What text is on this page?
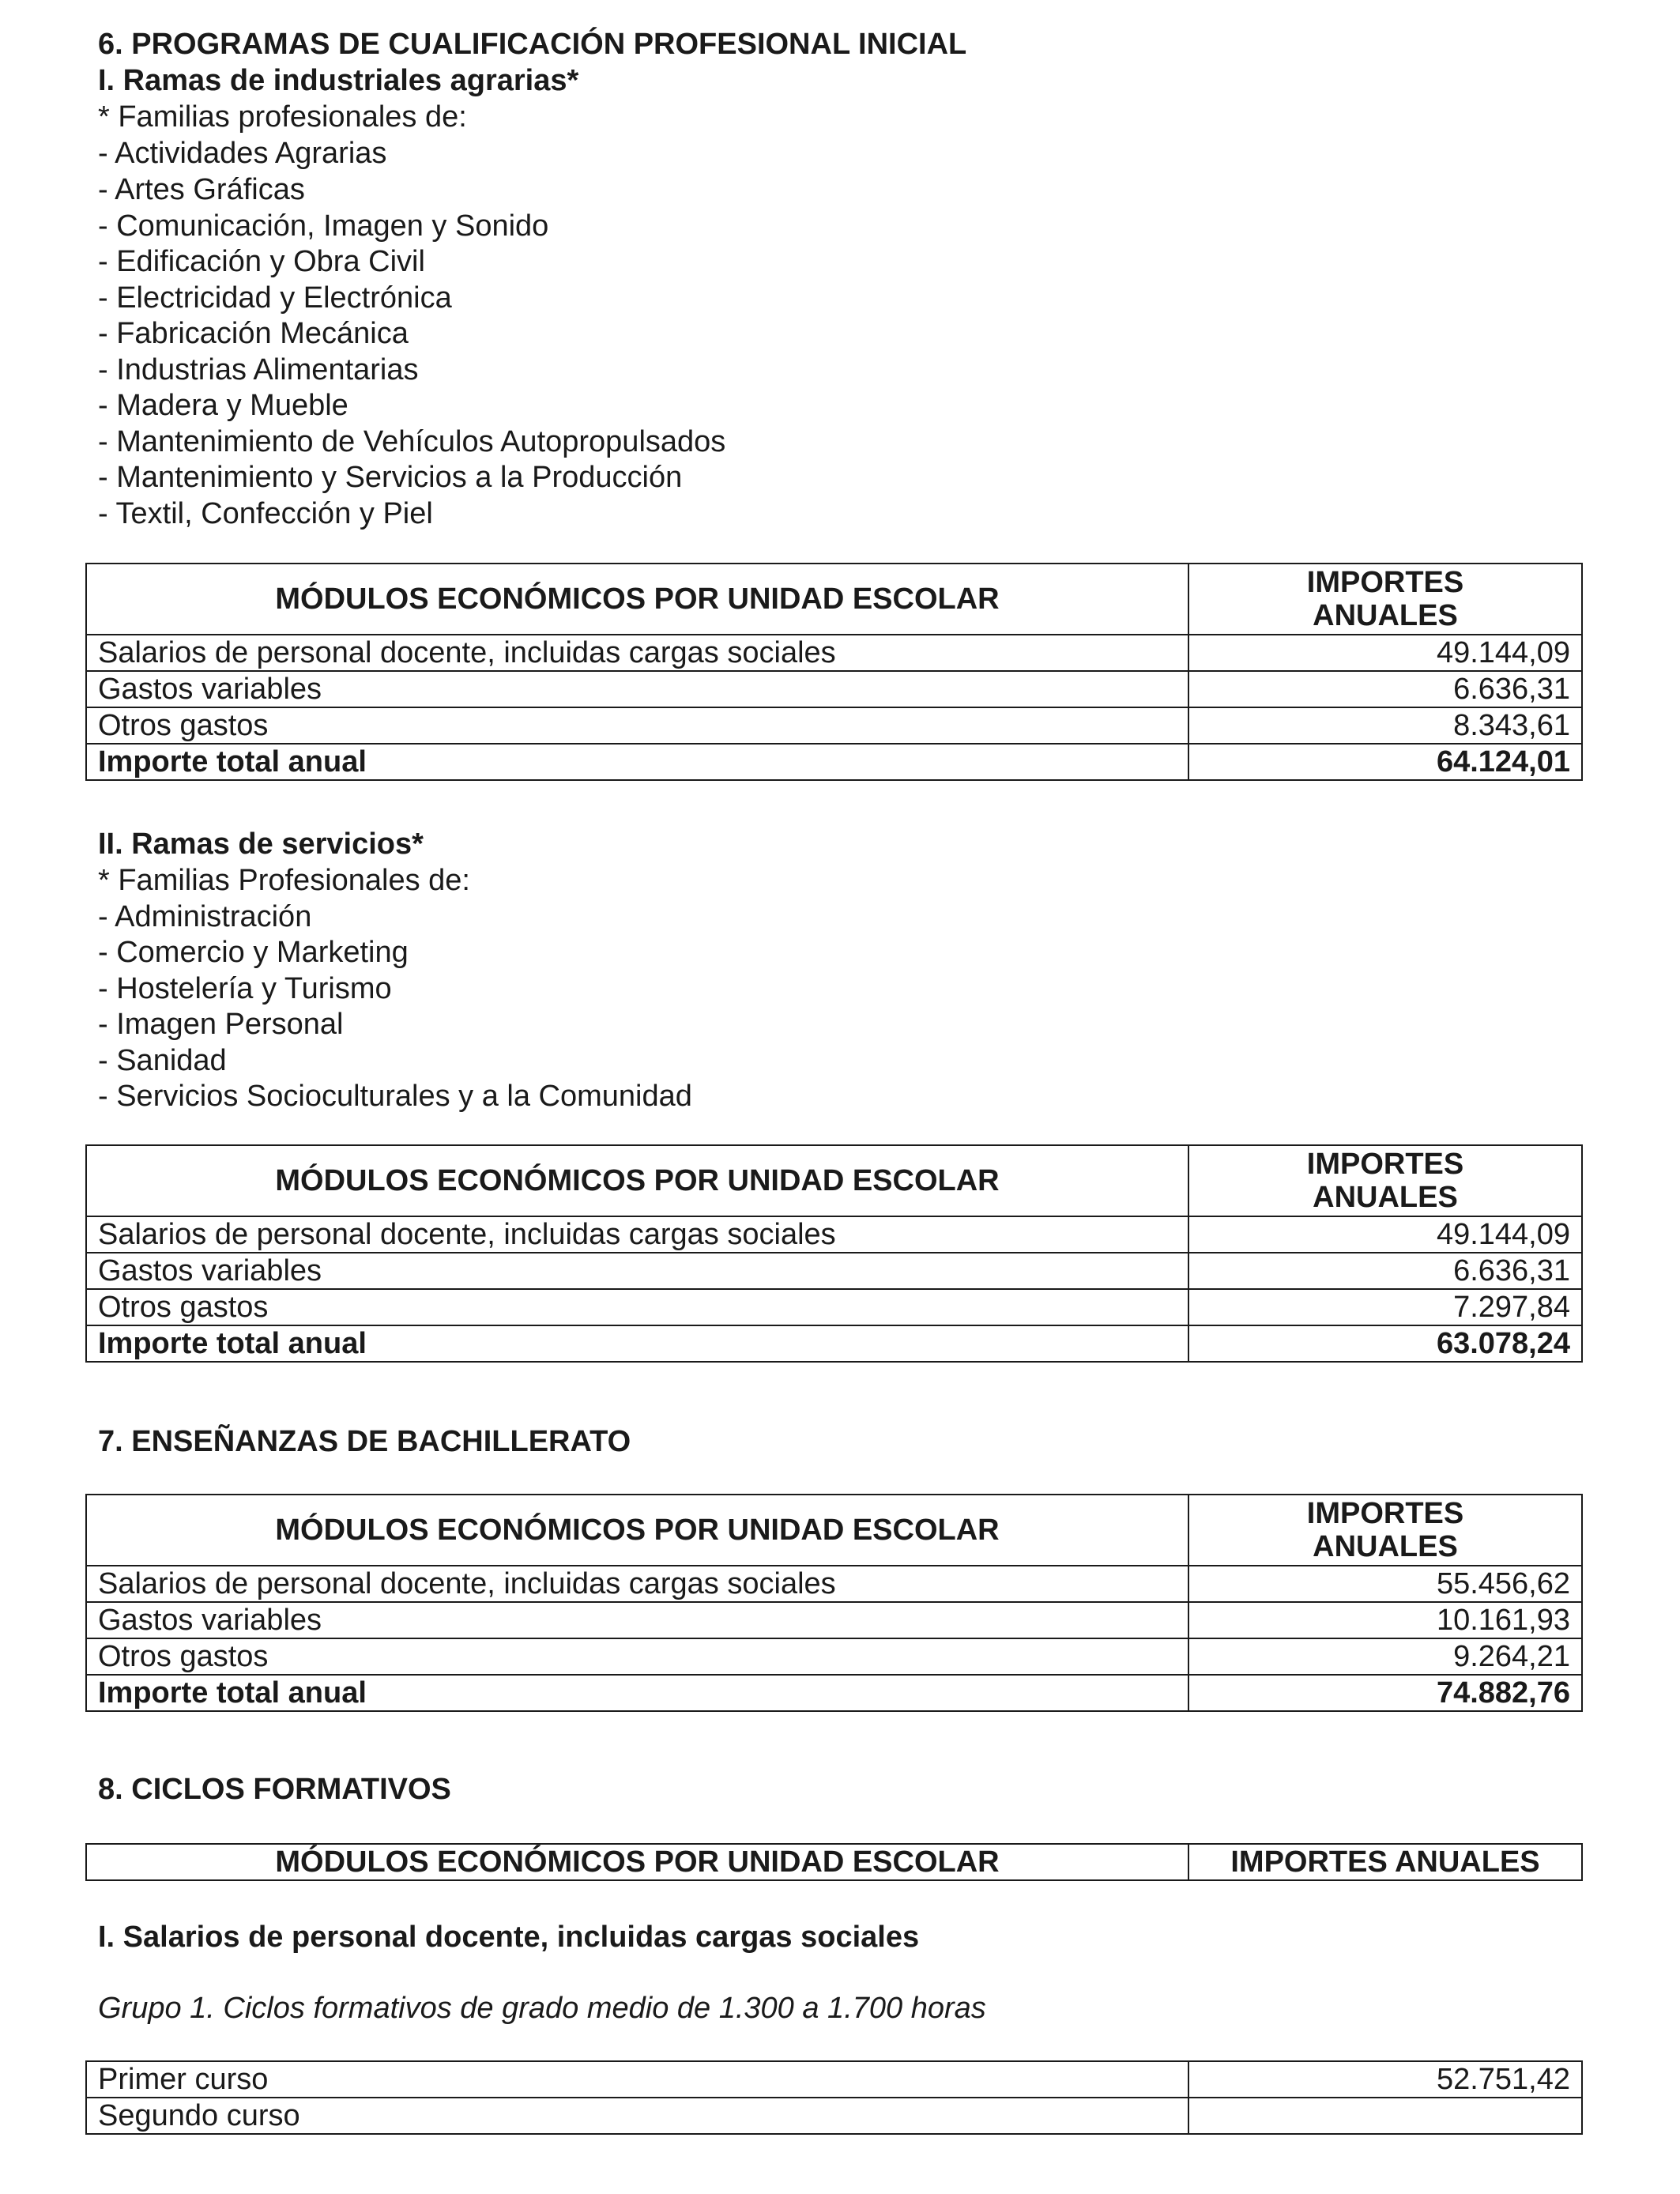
6. PROGRAMAS DE CUALIFICACIÓN PROFESIONAL INICIAL
I. Ramas de industriales agrarias*
* Familias profesionales de:
- Actividades Agrarias
- Artes Gráficas
- Comunicación, Imagen y Sonido
- Edificación y Obra Civil
- Electricidad y Electrónica
- Fabricación Mecánica
- Industrias Alimentarias
- Madera y Mueble
- Mantenimiento de Vehículos Autopropulsados
- Mantenimiento y Servicios a la Producción
- Textil, Confección y Piel
MÓDULOS ECONÓMICOS POR UNIDAD ESCOLAR	IMPORTES
ANUALES
Salarios de personal docente, incluidas cargas sociales	49.144,09
Gastos variables	6.636,31
Otros gastos	8.343,61
Importe total anual	64.124,01
II. Ramas de servicios*
* Familias Profesionales de:
- Administración
- Comercio y Marketing
- Hostelería y Turismo
- Imagen Personal
- Sanidad
- Servicios Socioculturales y a la Comunidad
MÓDULOS ECONÓMICOS POR UNIDAD ESCOLAR	IMPORTES
ANUALES
Salarios de personal docente, incluidas cargas sociales	49.144,09
Gastos variables	6.636,31
Otros gastos	7.297,84
Importe total anual	63.078,24
7. ENSEÑANZAS DE BACHILLERATO
MÓDULOS ECONÓMICOS POR UNIDAD ESCOLAR	IMPORTES
ANUALES
Salarios de personal docente, incluidas cargas sociales	55.456,62
Gastos variables	10.161,93
Otros gastos	9.264,21
Importe total anual	74.882,76
8. CICLOS FORMATIVOS
MÓDULOS ECONÓMICOS POR UNIDAD ESCOLAR	IMPORTES ANUALES
I. Salarios de personal docente, incluidas cargas sociales
Grupo 1. Ciclos formativos de grado medio de 1.300 a 1.700 horas
Primer curso	52.751,42
Segundo curso	
